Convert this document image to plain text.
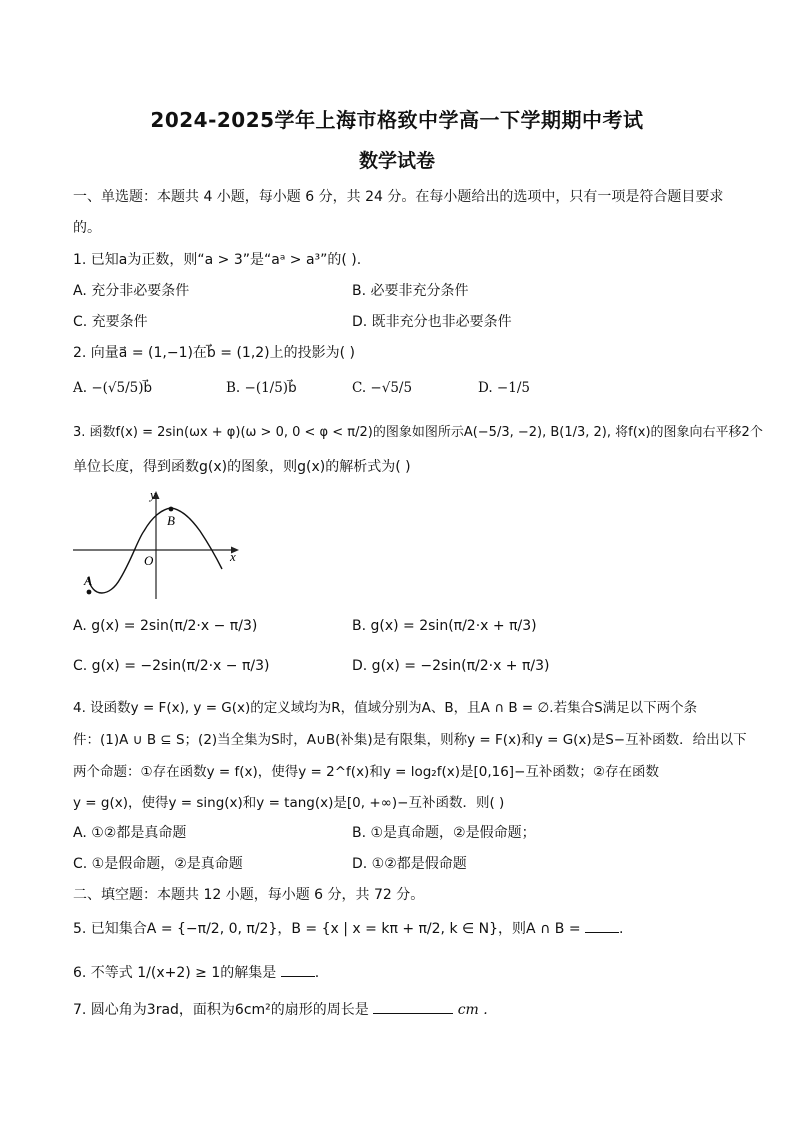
2024-2025学年上海市格致中学高一下学期期中考试
数学试卷
一、单选题：本题共 4 小题，每小题 6 分，共 24 分。在每小题给出的选项中，只有一项是符合题目要求
的。
1. 已知a为正数，则“a > 3”是“aᵃ > a³”的( ).
A. 充分非必要条件	B. 必要非充分条件
C. 充要条件	D. 既非充分也非必要条件
2. 向量a⃗ = (1,−1)在b⃗ = (1,2)上的投影为( )
A. −(√5/5)b⃗	B. −(1/5)b⃗	C. −√5/5	D. −1/5
3. 函数f(x) = 2sin(ωx + φ)(ω > 0, 0 < φ < π/2)的图象如图所示A(−5/3, −2), B(1/3, 2), 将f(x)的图象向右平移2个
单位长度，得到函数g(x)的图象，则g(x)的解析式为( )
y
x
O
A
B
A. g(x) = 2sin(π/2·x − π/3)	B. g(x) = 2sin(π/2·x + π/3)
C. g(x) = −2sin(π/2·x − π/3)	D. g(x) = −2sin(π/2·x + π/3)
4. 设函数y = F(x), y = G(x)的定义域均为R，值域分别为A、B，且A ∩ B = ∅.若集合S满足以下两个条
件：(1)A ∪ B ⊆ S；(2)当全集为S时，A∪B(补集)是有限集，则称y = F(x)和y = G(x)是S−互补函数．给出以下
两个命题：①存在函数y = f(x)，使得y = 2^f(x)和y = log₂f(x)是[0,16]−互补函数；②存在函数
y = g(x)，使得y = sing(x)和y = tang(x)是[0, +∞)−互补函数．则( )
A. ①②都是真命题	B. ①是真命题，②是假命题；
C. ①是假命题，②是真命题	D. ①②都是假命题
二、填空题：本题共 12 小题，每小题 6 分，共 72 分。
5. 已知集合A = {−π/2, 0, π/2}，B = {x | x = kπ + π/2, k ∈ N}，则A ∩ B =	.
6. 不等式 1/(x+2) ≥ 1的解集是	.
7. 圆心角为3rad，面积为6cm²的扇形的周长是	cm .
